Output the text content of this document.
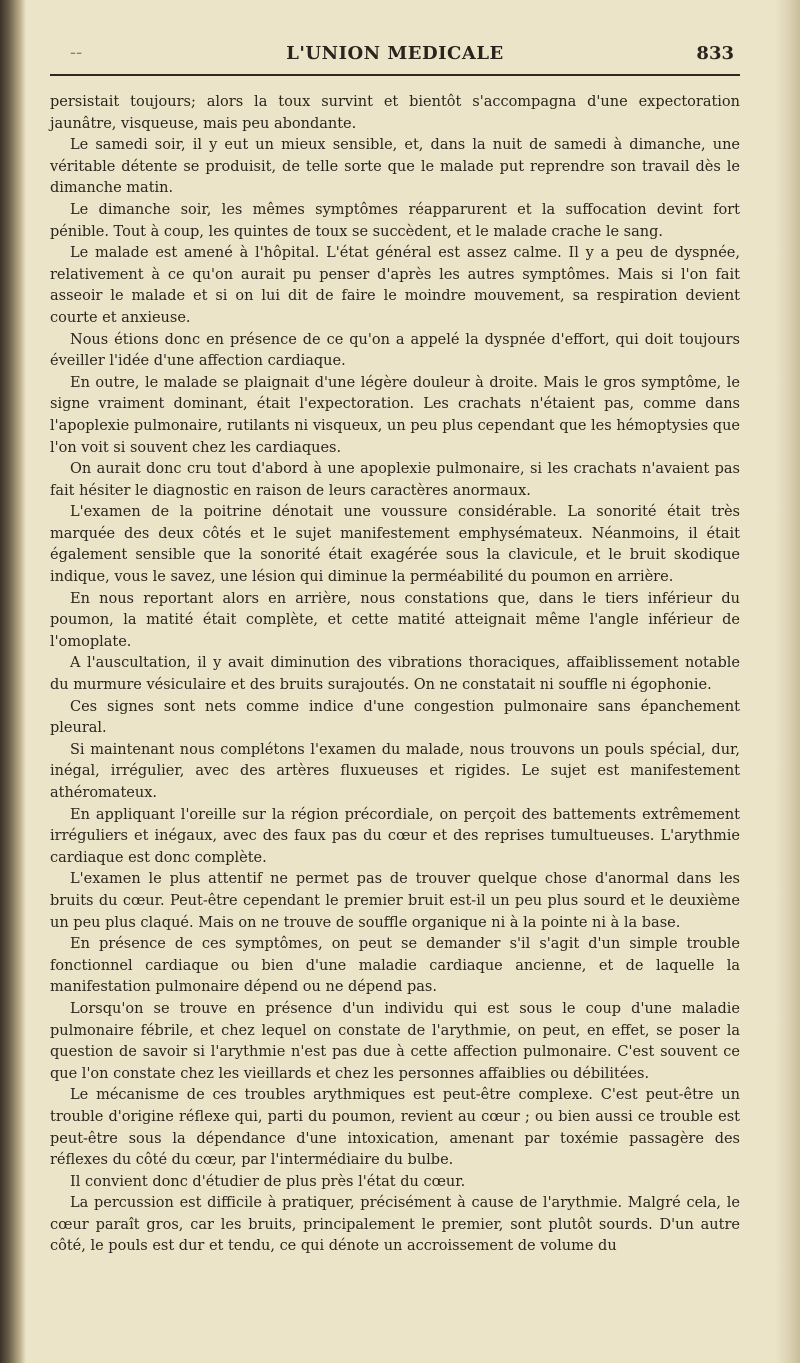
--	L'UNION MEDICALE	833

persistait toujours; alors la toux survint et bientôt s'accompagna d'une expectoration jaunâtre, visqueuse, mais peu abondante.

Le samedi soir, il y eut un mieux sensible, et, dans la nuit de samedi à dimanche, une véritable détente se produisit, de telle sorte que le malade put reprendre son travail dès le dimanche matin.

Le dimanche soir, les mêmes symptômes réapparurent et la suffocation devint fort pénible. Tout à coup, les quintes de toux se succèdent, et le malade crache le sang.

Le malade est amené à l'hôpital. L'état général est assez calme. Il y a peu de dyspnée, relativement à ce qu'on aurait pu penser d'après les autres symptômes. Mais si l'on fait asseoir le malade et si on lui dit de faire le moindre mouvement, sa respiration devient courte et anxieuse.

Nous étions donc en présence de ce qu'on a appelé la dyspnée d'effort, qui doit toujours éveiller l'idée d'une affection cardiaque.

En outre, le malade se plaignait d'une légère douleur à droite. Mais le gros symptôme, le signe vraiment dominant, était l'expectoration. Les crachats n'étaient pas, comme dans l'apoplexie pulmonaire, rutilants ni visqueux, un peu plus cependant que les hémoptysies que l'on voit si souvent chez les cardiaques.

On aurait donc cru tout d'abord à une apoplexie pulmonaire, si les crachats n'avaient pas fait hésiter le diagnostic en raison de leurs caractères anormaux.

L'examen de la poitrine dénotait une voussure considérable. La sonorité était très marquée des deux côtés et le sujet manifestement emphysémateux. Néanmoins, il était également sensible que la sonorité était exagérée sous la clavicule, et le bruit skodique indique, vous le savez, une lésion qui diminue la perméabilité du poumon en arrière.

En nous reportant alors en arrière, nous constations que, dans le tiers inférieur du poumon, la matité était complète, et cette matité atteignait même l'angle inférieur de l'omoplate.

A l'auscultation, il y avait diminution des vibrations thoraciques, affaiblissement notable du murmure vésiculaire et des bruits surajoutés. On ne constatait ni souffle ni égophonie.

Ces signes sont nets comme indice d'une congestion pulmonaire sans épanchement pleural.

Si maintenant nous complétons l'examen du malade, nous trouvons un pouls spécial, dur, inégal, irrégulier, avec des artères fluxueuses et rigides. Le sujet est manifestement athéromateux.

En appliquant l'oreille sur la région précordiale, on perçoit des battements extrêmement irréguliers et inégaux, avec des faux pas du cœur et des reprises tumultueuses. L'arythmie cardiaque est donc complète.

L'examen le plus attentif ne permet pas de trouver quelque chose d'anormal dans les bruits du cœur. Peut-être cependant le premier bruit est-il un peu plus sourd et le deuxième un peu plus claqué. Mais on ne trouve de souffle organique ni à la pointe ni à la base.

En présence de ces symptômes, on peut se demander s'il s'agit d'un simple trouble fonctionnel cardiaque ou bien d'une maladie cardiaque ancienne, et de laquelle la manifestation pulmonaire dépend ou ne dépend pas.

Lorsqu'on se trouve en présence d'un individu qui est sous le coup d'une maladie pulmonaire fébrile, et chez lequel on constate de l'arythmie, on peut, en effet, se poser la question de savoir si l'arythmie n'est pas due à cette affection pulmonaire. C'est souvent ce que l'on constate chez les vieillards et chez les personnes affaiblies ou débilitées.

Le mécanisme de ces troubles arythmiques est peut-être complexe. C'est peut-être un trouble d'origine réflexe qui, parti du poumon, revient au cœur ; ou bien aussi ce trouble est peut-être sous la dépendance d'une intoxication, amenant par toxémie passagère des réflexes du côté du cœur, par l'intermédiaire du bulbe.

Il convient donc d'étudier de plus près l'état du cœur.

La percussion est difficile à pratiquer, précisément à cause de l'arythmie. Malgré cela, le cœur paraît gros, car les bruits, principalement le premier, sont plutôt sourds. D'un autre côté, le pouls est dur et tendu, ce qui dénote un accroissement de volume du
